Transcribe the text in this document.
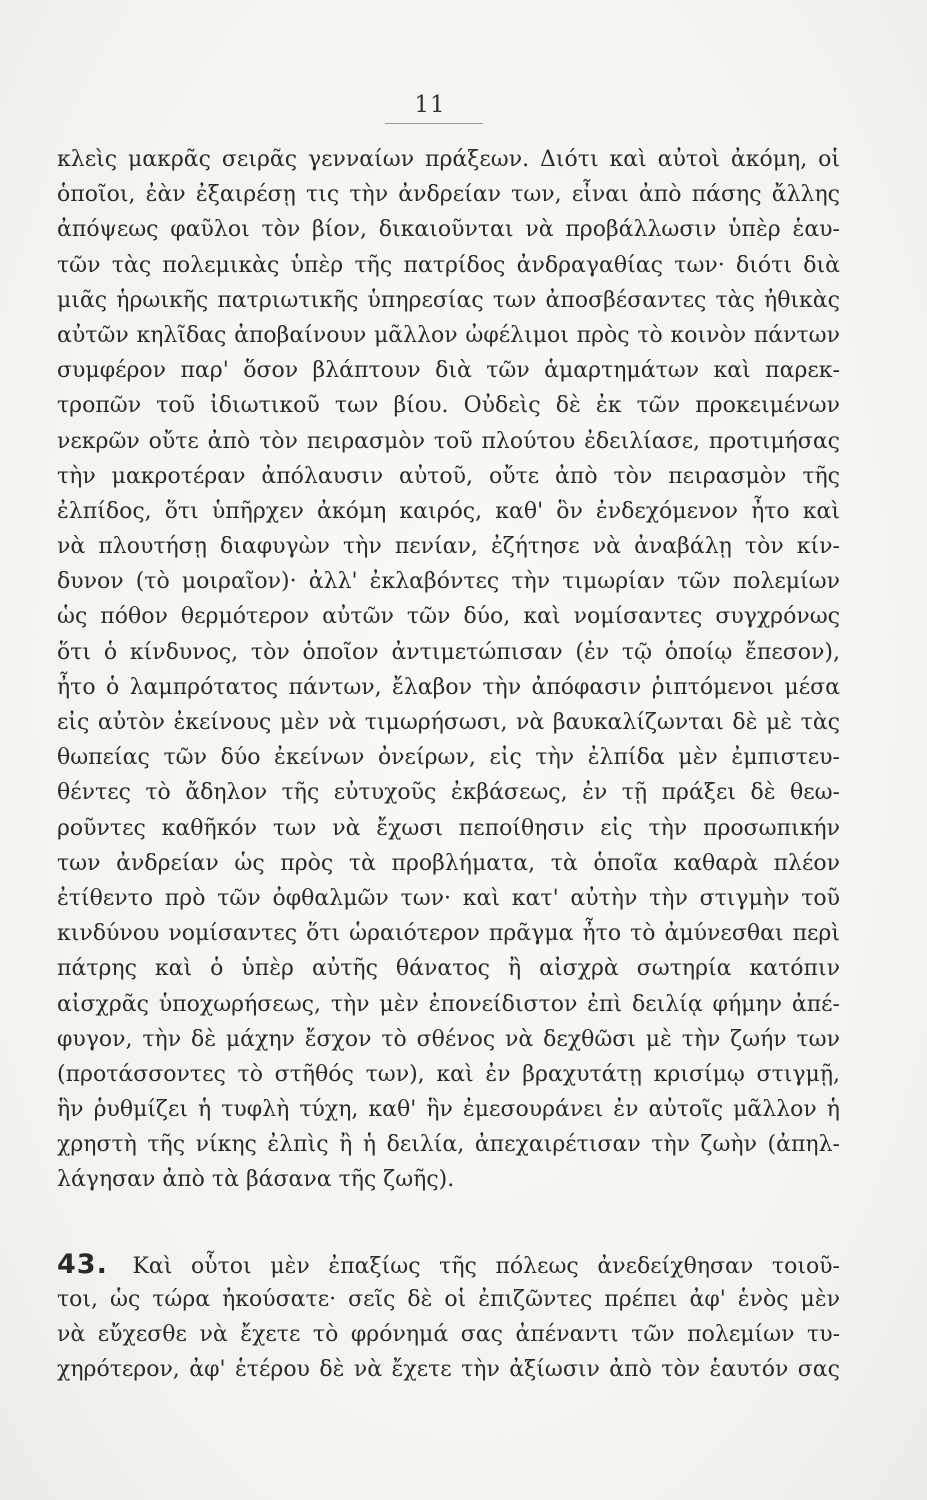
11
κλεὶς μακρᾶς σειρᾶς γενναίων πράξεων. Διότι καὶ αὐτοὶ ἀκόμη, οἱ
ὁποῖοι, ἐὰν ἐξαιρέσῃ τις τὴν ἀνδρείαν των, εἶναι ἀπὸ πάσης ἄλλης
ἀπόψεως φαῦλοι τὸν βίον, δικαιοῦνται νὰ προβάλλωσιν ὑπὲρ ἑαυ-
τῶν τὰς πολεμικὰς ὑπὲρ τῆς πατρίδος ἀνδραγαθίας των· διότι διὰ
μιᾶς ἡρωικῆς πατριωτικῆς ὑπηρεσίας των ἀποσβέσαντες τὰς ἠθικὰς
αὐτῶν κηλῖδας ἀποβαίνουν μᾶλλον ὠφέλιμοι πρὸς τὸ κοινὸν πάντων
συμφέρον παρ' ὅσον βλάπτουν διὰ τῶν ἁμαρτημάτων καὶ παρεκ-
τροπῶν τοῦ ἰδιωτικοῦ των βίου. Οὐδεὶς δὲ ἐκ τῶν προκειμένων
νεκρῶν οὔτε ἀπὸ τὸν πειρασμὸν τοῦ πλούτου ἐδειλίασε, προτιμήσας
τὴν μακροτέραν ἀπόλαυσιν αὐτοῦ, οὔτε ἀπὸ τὸν πειρασμὸν τῆς
ἐλπίδος, ὅτι ὑπῆρχεν ἀκόμη καιρός, καθ' ὃν ἐνδεχόμενον ἦτο καὶ
νὰ πλουτήσῃ διαφυγὼν τὴν πενίαν, ἐζήτησε νὰ ἀναβάλῃ τὸν κίν-
δυνον (τὸ μοιραῖον)· ἀλλ' ἐκλαβόντες τὴν τιμωρίαν τῶν πολεμίων
ὡς πόθον θερμότερον αὐτῶν τῶν δύο, καὶ νομίσαντες συγχρόνως
ὅτι ὁ κίνδυνος, τὸν ὁποῖον ἀντιμετώπισαν (ἐν τῷ ὁποίῳ ἔπεσον),
ἦτο ὁ λαμπρότατος πάντων, ἔλαβον τὴν ἀπόφασιν ῥιπτόμενοι μέσα
εἰς αὐτὸν ἐκείνους μὲν νὰ τιμωρήσωσι, νὰ βαυκαλίζωνται δὲ μὲ τὰς
θωπείας τῶν δύο ἐκείνων ὀνείρων, εἰς τὴν ἐλπίδα μὲν ἐμπιστευ-
θέντες τὸ ἄδηλον τῆς εὐτυχοῦς ἐκβάσεως, ἐν τῇ πράξει δὲ θεω-
ροῦντες καθῆκόν των νὰ ἔχωσι πεποίθησιν εἰς τὴν προσωπικήν
των ἀνδρείαν ὡς πρὸς τὰ προβλήματα, τὰ ὁποῖα καθαρὰ πλέον
ἐτίθεντο πρὸ τῶν ὀφθαλμῶν των· καὶ κατ' αὐτὴν τὴν στιγμὴν τοῦ
κινδύνου νομίσαντες ὅτι ὡραιότερον πρᾶγμα ἦτο τὸ ἀμύνεσθαι περὶ
πάτρης καὶ ὁ ὑπὲρ αὐτῆς θάνατος ἢ αἰσχρὰ σωτηρία κατόπιν
αἰσχρᾶς ὑποχωρήσεως, τὴν μὲν ἐπονείδιστον ἐπὶ δειλίᾳ φήμην ἀπέ-
φυγον, τὴν δὲ μάχην ἔσχον τὸ σθένος νὰ δεχθῶσι μὲ τὴν ζωήν των
(προτάσσοντες τὸ στῆθός των), καὶ ἐν βραχυτάτῃ κρισίμῳ στιγμῇ,
ἣν ῥυθμίζει ἡ τυφλὴ τύχη, καθ' ἣν ἐμεσουράνει ἐν αὐτοῖς μᾶλλον ἡ
χρηστὴ τῆς νίκης ἐλπὶς ἢ ἡ δειλία, ἀπεχαιρέτισαν τὴν ζωὴν (ἀπηλ-
λάγησαν ἀπὸ τὰ βάσανα τῆς ζωῆς).
43. Καὶ οὗτοι μὲν ἐπαξίως τῆς πόλεως ἀνεδείχθησαν τοιοῦ-
τοι, ὡς τώρα ἠκούσατε· σεῖς δὲ οἱ ἐπιζῶντες πρέπει ἀφ' ἑνὸς μὲν
νὰ εὔχεσθε νὰ ἔχετε τὸ φρόνημά σας ἀπέναντι τῶν πολεμίων τυ-
χηρότερον, ἀφ' ἑτέρου δὲ νὰ ἔχετε τὴν ἀξίωσιν ἀπὸ τὸν ἑαυτόν σας
